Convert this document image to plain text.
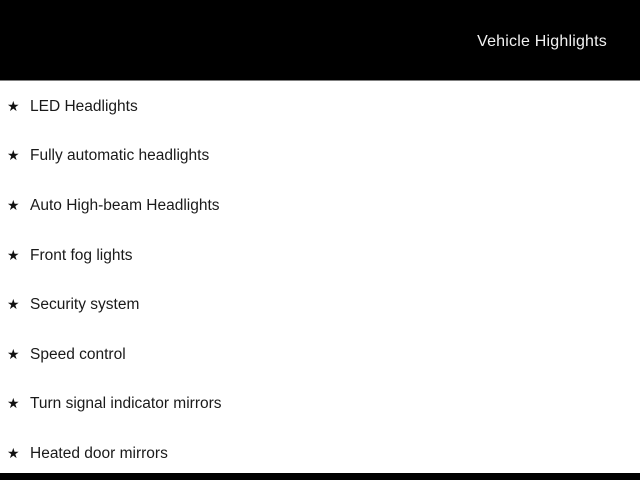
Vehicle Highlights
★ LED Headlights
★ Fully automatic headlights
★ Auto High-beam Headlights
★ Front fog lights
★ Security system
★ Speed control
★ Turn signal indicator mirrors
★ Heated door mirrors
